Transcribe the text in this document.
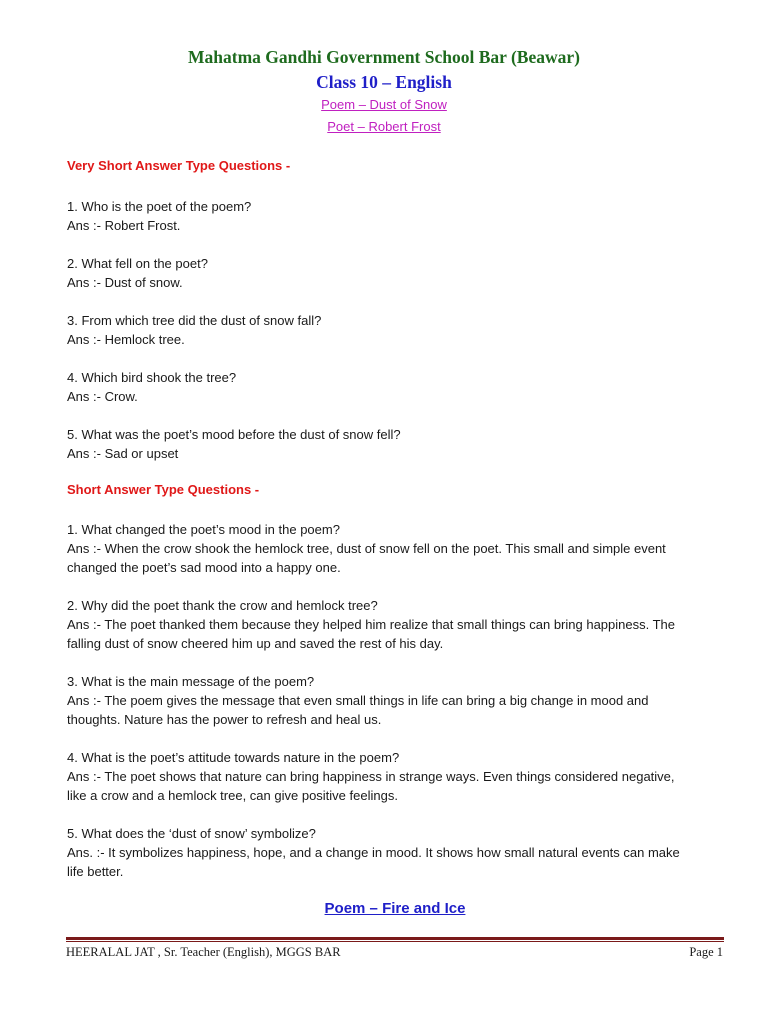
Mahatma Gandhi Government School Bar (Beawar)
Class 10 – English
Poem – Dust of Snow
Poet – Robert Frost
Very Short Answer Type Questions -
1. Who is the poet of the poem?
Ans :- Robert Frost.
2. What fell on the poet?
Ans :- Dust of snow.
3. From which tree did the dust of snow fall?
Ans :- Hemlock tree.
4. Which bird shook the tree?
Ans :- Crow.
5. What was the poet’s mood before the dust of snow fell?
Ans :- Sad or upset
Short Answer Type Questions -
1. What changed the poet’s mood in the poem?
Ans :- When the crow shook the hemlock tree, dust of snow fell on the poet. This small and simple event
changed the poet’s sad mood into a happy one.
2. Why did the poet thank the crow and hemlock tree?
Ans :- The poet thanked them because they helped him realize that small things can bring happiness. The
falling dust of snow cheered him up and saved the rest of his day.
3. What is the main message of the poem?
Ans :- The poem gives the message that even small things in life can bring a big change in mood and
thoughts. Nature has the power to refresh and heal us.
4. What is the poet’s attitude towards nature in the poem?
Ans :- The poet shows that nature can bring happiness in strange ways. Even things considered negative,
like a crow and a hemlock tree, can give positive feelings.
5. What does the ‘dust of snow’ symbolize?
Ans. :- It symbolizes happiness, hope, and a change in mood. It shows how small natural events can make
life better.
Poem – Fire and Ice
HEERALAL JAT , Sr. Teacher (English), MGGS BAR	Page 1
